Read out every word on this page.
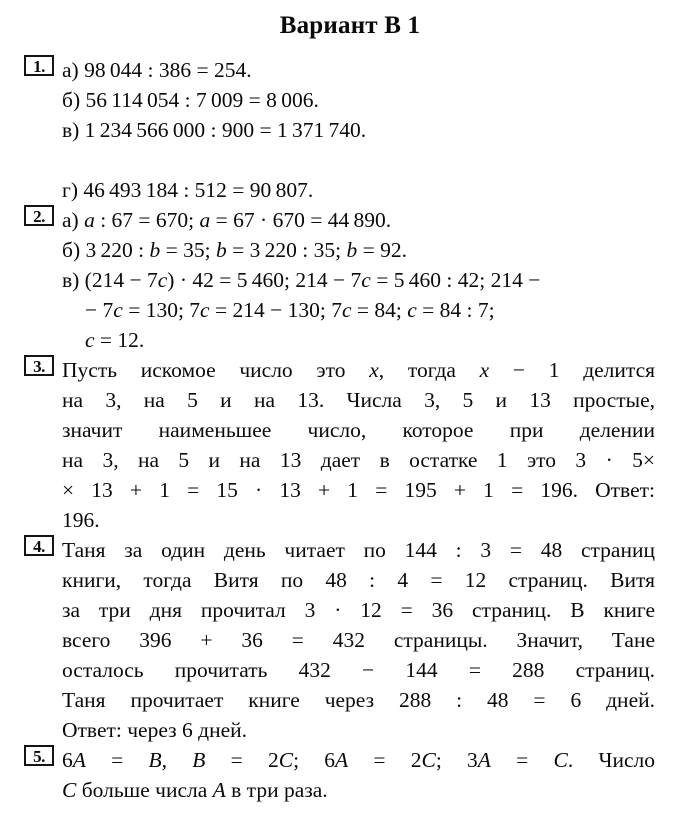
Вариант В 1
1. а) 98 044 : 386 = 254.
б) 56 114 054 : 7 009 = 8 006.
в) 1 234 566 000 : 900 = 1 371 740.

г) 46 493 184 : 512 = 90 807.
2. а) a : 67 = 670; a = 67 · 670 = 44 890.
б) 3 220 : b = 35; b = 3 220 : 35; b = 92.
в) (214 − 7c) · 42 = 5 460; 214 − 7c = 5 460 : 42; 214 −
− 7c = 130; 7c = 214 − 130; 7c = 84; c = 84 : 7;
c = 12.
3. Пусть искомое число это x, тогда x − 1 делится
на 3, на 5 и на 13. Числа 3, 5 и 13 простые,
значит наименьшее число, которое при делении
на 3, на 5 и на 13 дает в остатке 1 это 3 · 5×
× 13 + 1 = 15 · 13 + 1 = 195 + 1 = 196. Ответ:
196.
4. Таня за один день читает по 144 : 3 = 48 страниц
книги, тогда Витя по 48 : 4 = 12 страниц. Витя
за три дня прочитал 3 · 12 = 36 страниц. В книге
всего 396 + 36 = 432 страницы. Значит, Тане
осталось прочитать 432 − 144 = 288 страниц.
Таня прочитает книге через 288 : 48 = 6 дней.
Ответ: через 6 дней.
5. 6A = B, B = 2C; 6A = 2C; 3A = C. Число
C больше числа A в три раза.
